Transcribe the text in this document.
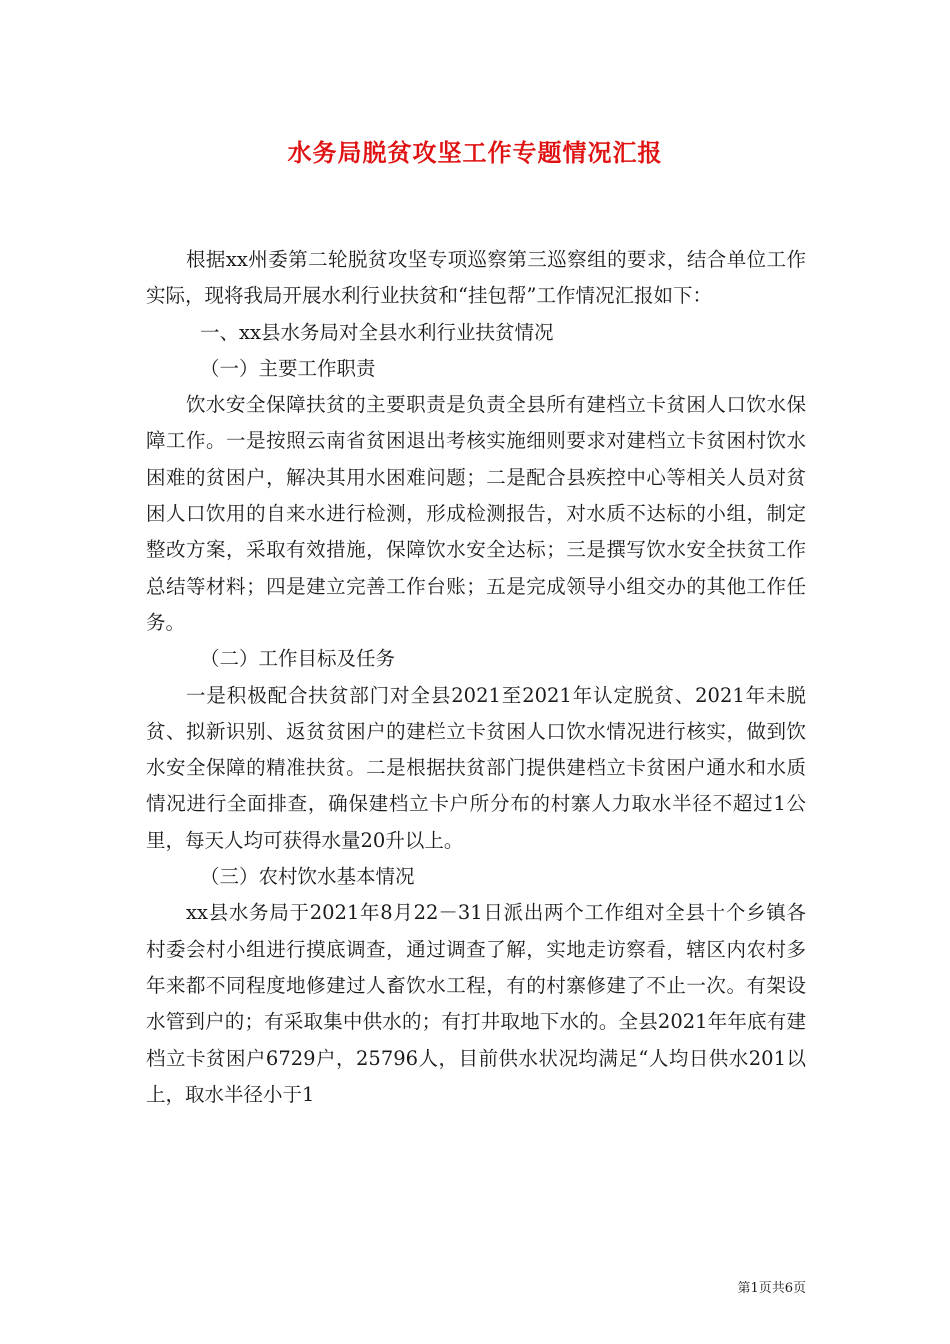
水务局脱贫攻坚工作专题情况汇报

根据xx州委第二轮脱贫攻坚专项巡察第三巡察组的要求，结合单位工作实际，现将我局开展水利行业扶贫和“挂包帮”工作情况汇报如下：

一、xx县水务局对全县水利行业扶贫情况

（一）主要工作职责

饮水安全保障扶贫的主要职责是负责全县所有建档立卡贫困人口饮水保障工作。一是按照云南省贫困退出考核实施细则要求对建档立卡贫困村饮水困难的贫困户，解决其用水困难问题；二是配合县疾控中心等相关人员对贫困人口饮用的自来水进行检测，形成检测报告，对水质不达标的小组，制定整改方案，采取有效措施，保障饮水安全达标；三是撰写饮水安全扶贫工作总结等材料；四是建立完善工作台账；五是完成领导小组交办的其他工作任务。

（二）工作目标及任务

一是积极配合扶贫部门对全县2021至2021年认定脱贫、2021年未脱贫、拟新识别、返贫贫困户的建栏立卡贫困人口饮水情况进行核实，做到饮水安全保障的精准扶贫。二是根据扶贫部门提供建档立卡贫困户通水和水质情况进行全面排查，确保建档立卡户所分布的村寨人力取水半径不超过1公里，每天人均可获得水量20升以上。

（三）农村饮水基本情况

xx县水务局于2021年8月22－31日派出两个工作组对全县十个乡镇各村委会村小组进行摸底调查，通过调查了解，实地走访察看，辖区内农村多年来都不同程度地修建过人畜饮水工程，有的村寨修建了不止一次。有架设水管到户的；有采取集中供水的；有打井取地下水的。全县2021年年底有建档立卡贫困户6729户，25796人，目前供水状况均满足“人均日供水201以上，取水半径小于1

第1页共6页
